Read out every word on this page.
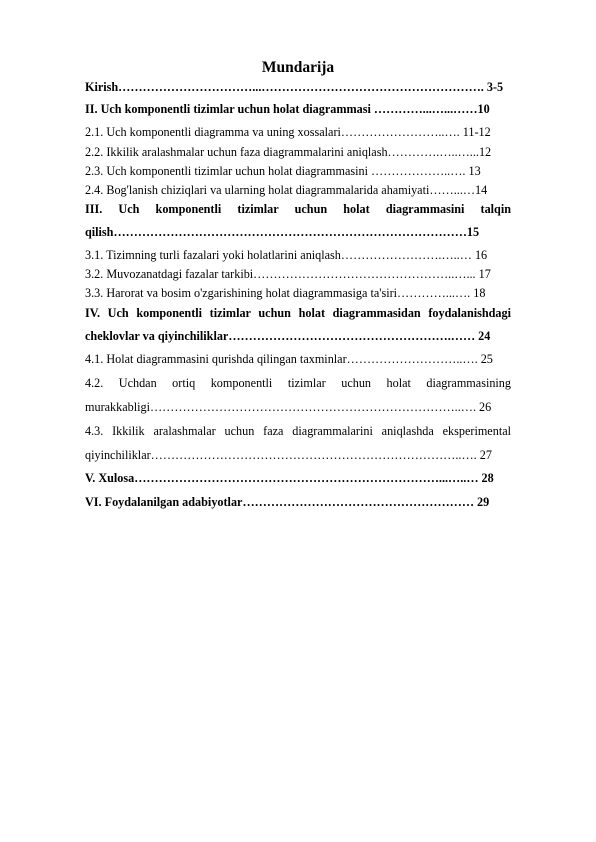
Mundarija
Kirish……………………………...………………………………………………. 3-5
II. Uch komponentli tizimlar uchun holat diagrammasi …………...…...……10
2.1. Uch komponentli diagramma va uning xossalari……………………..…. 11-12
2.2. Ikkilik aralashmalar uchun faza diagrammalarini aniqlash………….…..…...12
2.3. Uch komponentli tizimlar uchun holat diagrammasini ………………..…. 13
2.4. Bog'lanish chiziqlari va ularning holat diagrammalarida ahamiyati……...…14
III. Uch komponentli tizimlar uchun holat diagrammasini talqin
qilish……………………………………………………………………………15
3.1. Tizimning turli fazalari yoki holatlarini aniqlash…………………….…..… 16
3.2. Muvozanatdagi fazalar tarkibi…………………………………………..…... 17
3.3. Harorat va bosim o'zgarishining holat diagrammasiga ta'siri…………...…. 18
IV. Uch komponentli tizimlar uchun holat diagrammasidan foydalanishdagi
cheklovlar va qiyinchiliklar……………………………………………….…… 24
4.1. Holat diagrammasini qurishda qilingan taxminlar………………………..…. 25
4.2. Uchdan ortiq komponentli tizimlar uchun holat diagrammasining
murakkabligi…………………………………………………………………..…. 26
4.3. Ikkilik aralashmalar uchun faza diagrammalarini aniqlashda eksperimental
qiyinchiliklar…………………………………………………………………..…. 27
V. Xulosa…………………………………………………………………...…..… 28
VI. Foydalanilgan adabiyotlar………………………………………………… 29
